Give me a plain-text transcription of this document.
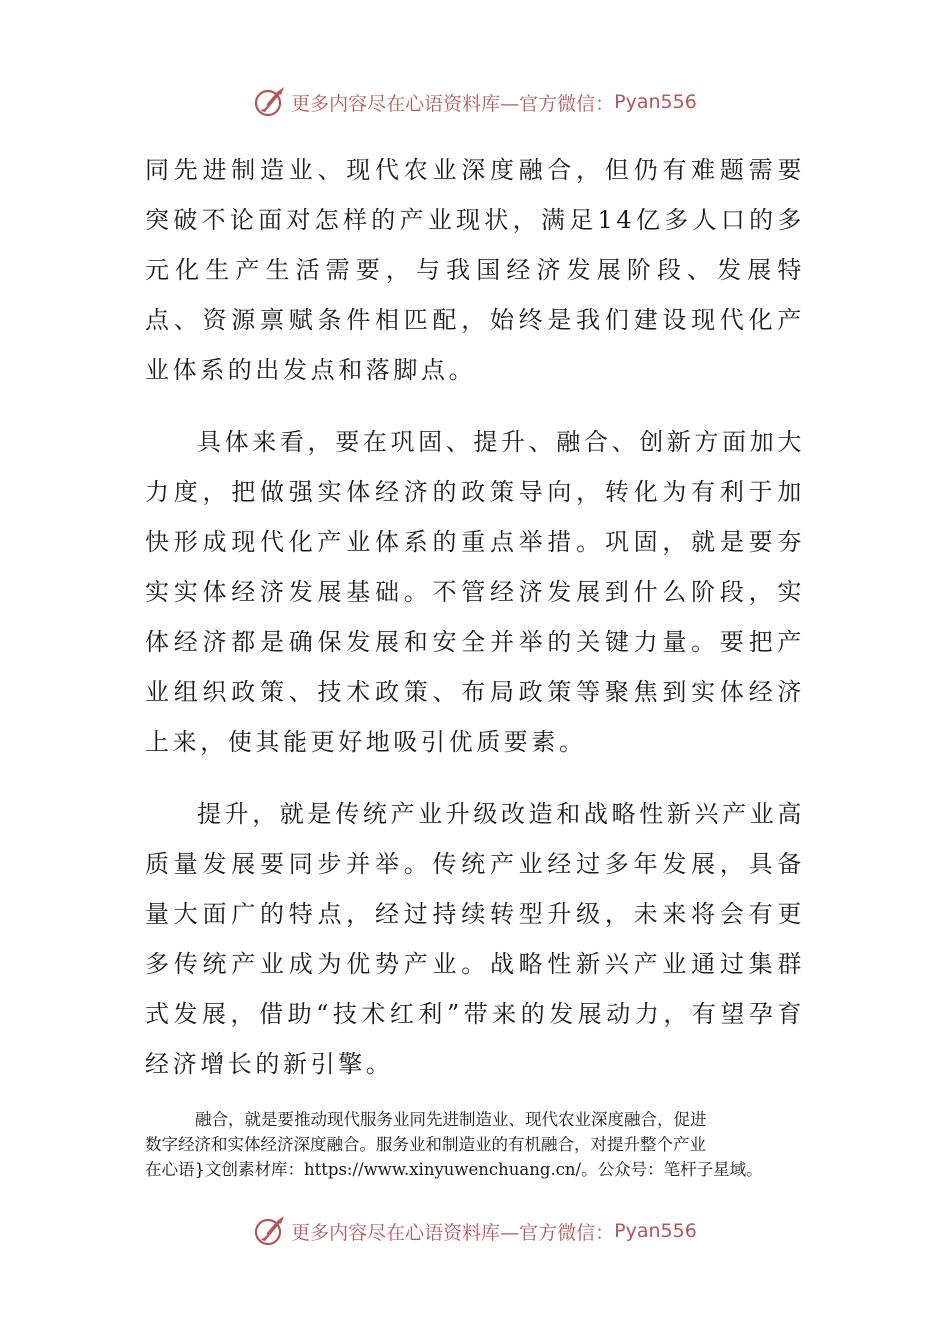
更多内容尽在心语资料库—官方微信： Pyan556

同先进制造业、现代农业深度融合，但仍有难题需要突破不论面对怎样的产业现状，满足14亿多人口的多元化生产生活需要，与我国经济发展阶段、发展特点、资源禀赋条件相匹配，始终是我们建设现代化产业体系的出发点和落脚点。

具体来看，要在巩固、提升、融合、创新方面加大力度，把做强实体经济的政策导向，转化为有利于加快形成现代化产业体系的重点举措。巩固，就是要夯实实体经济发展基础。不管经济发展到什么阶段，实体经济都是确保发展和安全并举的关键力量。要把产业组织政策、技术政策、布局政策等聚焦到实体经济上来，使其能更好地吸引优质要素。

提升，就是传统产业升级改造和战略性新兴产业高质量发展要同步并举。传统产业经过多年发展，具备量大面广的特点，经过持续转型升级，未来将会有更多传统产业成为优势产业。战略性新兴产业通过集群式发展，借助“技术红利”带来的发展动力，有望孕育经济增长的新引擎。

融合，就是要推动现代服务业同先进制造业、现代农业深度融合，促进
数字经济和实体经济深度融合。服务业和制造业的有机融合，对提升整个产业
在心语}文创素材库：https://www.xinyuwenchuang.cn/。公众号：笔杆子星域。
更多内容尽在心语资料库—官方微信： Pyan556
